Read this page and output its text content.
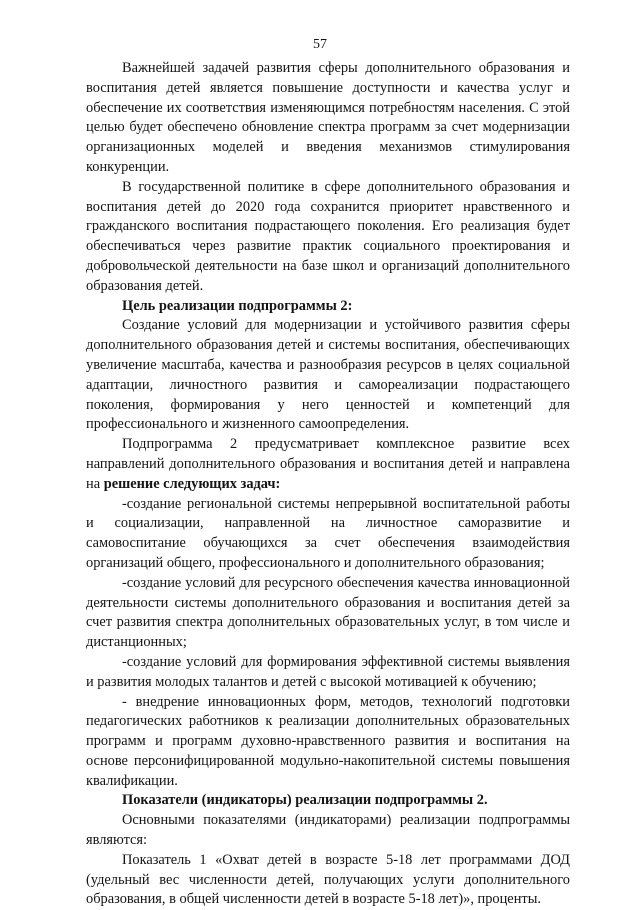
57

Важнейшей задачей развития сферы дополнительного образования и воспитания детей является повышение доступности и качества услуг и обеспечение их соответствия изменяющимся потребностям населения. С этой целью будет обеспечено обновление спектра программ за счет модернизации организационных моделей и введения механизмов стимулирования конкуренции.

В государственной политике в сфере дополнительного образования и воспитания детей до 2020 года сохранится приоритет нравственного и гражданского воспитания подрастающего поколения. Его реализация будет обеспечиваться через развитие практик социального проектирования и добровольческой деятельности на базе школ и организаций дополнительного образования детей.

Цель реализации подпрограммы 2:

Создание условий для модернизации и устойчивого развития сферы дополнительного образования детей и системы воспитания, обеспечивающих увеличение масштаба, качества и разнообразия ресурсов в целях социальной адаптации, личностного развития и самореализации подрастающего поколения, формирования у него ценностей и компетенций для профессионального и жизненного самоопределения.

Подпрограмма 2 предусматривает комплексное развитие всех направлений дополнительного образования и воспитания детей и направлена на решение следующих задач:

-создание региональной системы непрерывной воспитательной работы и социализации, направленной на личностное саморазвитие и самовоспитание обучающихся за счет обеспечения взаимодействия организаций общего, профессионального и дополнительного образования;

-создание условий для ресурсного обеспечения качества инновационной деятельности системы дополнительного образования и воспитания детей за счет развития спектра дополнительных образовательных услуг, в том числе и дистанционных;

-создание условий для формирования эффективной системы выявления и развития молодых талантов и детей с высокой мотивацией к обучению;

- внедрение инновационных форм, методов, технологий подготовки педагогических работников к реализации дополнительных образовательных программ и программ духовно-нравственного развития и воспитания на основе персонифицированной модульно-накопительной системы повышения квалификации.

Показатели (индикаторы) реализации подпрограммы 2.

Основными показателями (индикаторами) реализации подпрограммы являются:

Показатель 1 «Охват детей в возрасте 5-18 лет программами ДОД (удельный вес численности детей, получающих услуги дополнительного образования, в общей численности детей в возрасте 5-18 лет)», проценты.
